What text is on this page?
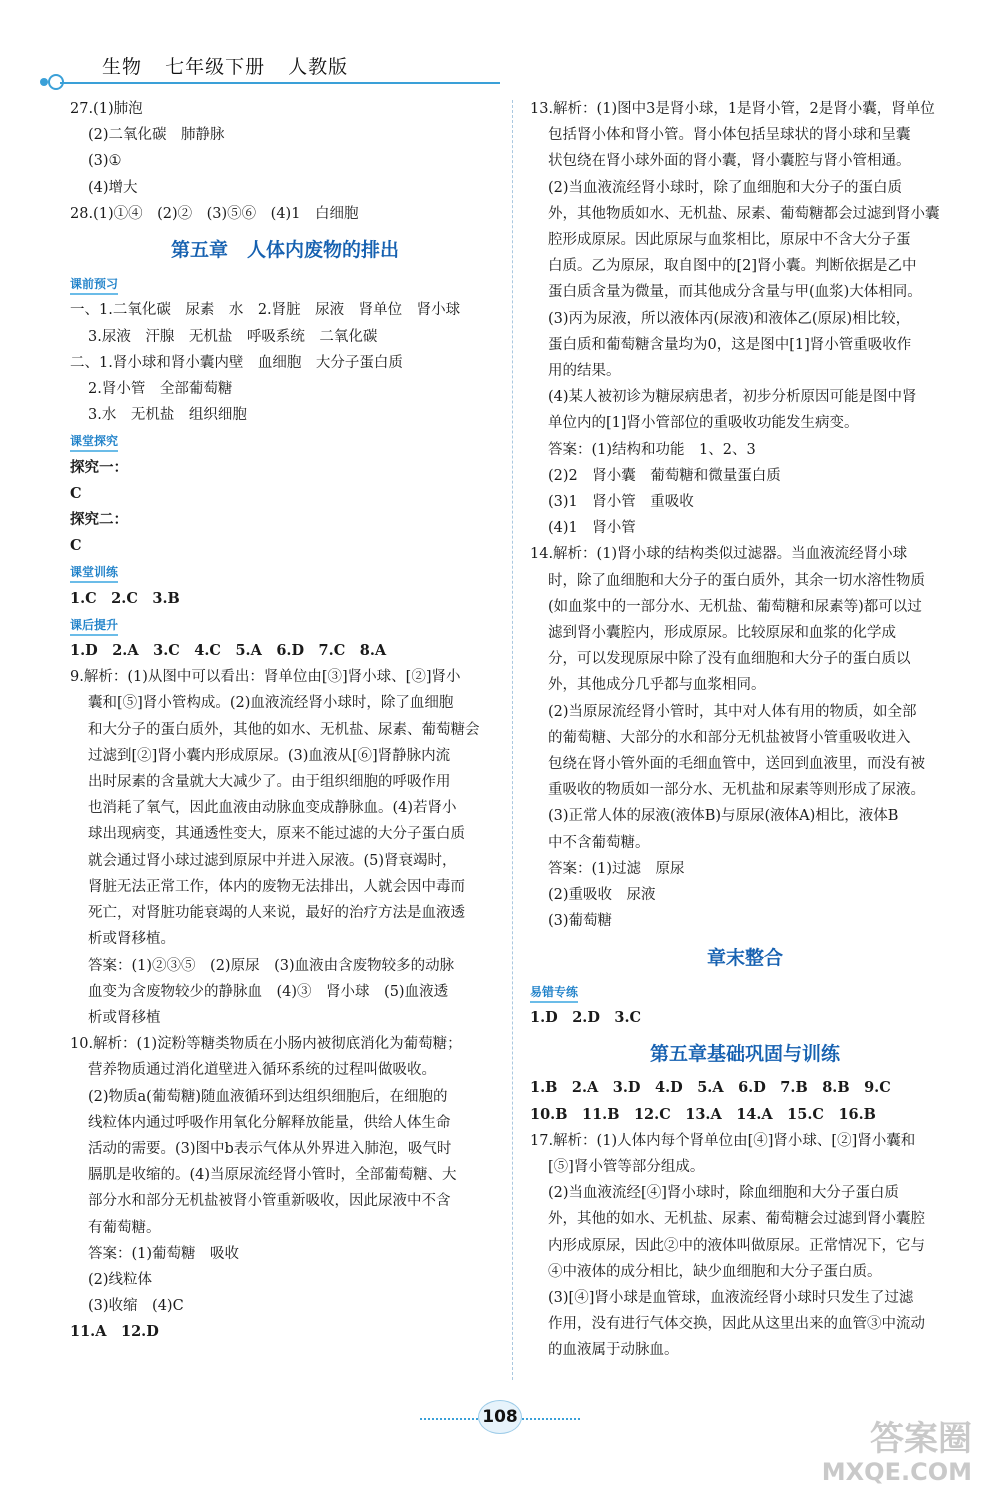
生物 七年级下册 人教版
27.(1)肺泡
(2)二氧化碳　肺静脉
(3)①
(4)增大
28.(1)①④　(2)②　(3)⑤⑥　(4)1　白细胞
第五章　人体内废物的排出
课前预习
一、1.二氧化碳　尿素　水　2.肾脏　尿液　肾单位　肾小球
3.尿液　汗腺　无机盐　呼吸系统　二氧化碳
二、1.肾小球和肾小囊内壁　血细胞　大分子蛋白质
2.肾小管　全部葡萄糖
3.水　无机盐　组织细胞
课堂探究
探究一：
C
探究二：
C
课堂训练
1.C　2.C　3.B
课后提升
1.D　2.A　3.C　4.C　5.A　6.D　7.C　8.A
9.解析：(1)从图中可以看出：肾单位由[③]肾小球、[②]肾小
囊和[⑤]肾小管构成。(2)血液流经肾小球时，除了血细胞
和大分子的蛋白质外，其他的如水、无机盐、尿素、葡萄糖会
过滤到[②]肾小囊内形成原尿。(3)血液从[⑥]肾静脉内流
出时尿素的含量就大大减少了。由于组织细胞的呼吸作用
也消耗了氧气，因此血液由动脉血变成静脉血。(4)若肾小
球出现病变，其通透性变大，原来不能过滤的大分子蛋白质
就会通过肾小球过滤到原尿中并进入尿液。(5)肾衰竭时，
肾脏无法正常工作，体内的废物无法排出，人就会因中毒而
死亡，对肾脏功能衰竭的人来说，最好的治疗方法是血液透
析或肾移植。
答案：(1)②③⑤　(2)原尿　(3)血液由含废物较多的动脉
血变为含废物较少的静脉血　(4)③　肾小球　(5)血液透
析或肾移植
10.解析：(1)淀粉等糖类物质在小肠内被彻底消化为葡萄糖；
营养物质通过消化道壁进入循环系统的过程叫做吸收。
(2)物质a(葡萄糖)随血液循环到达组织细胞后，在细胞的
线粒体内通过呼吸作用氧化分解释放能量，供给人体生命
活动的需要。(3)图中b表示气体从外界进入肺泡，吸气时
膈肌是收缩的。(4)当原尿流经肾小管时，全部葡萄糖、大
部分水和部分无机盐被肾小管重新吸收，因此尿液中不含
有葡萄糖。
答案：(1)葡萄糖　吸收
(2)线粒体
(3)收缩　(4)C
11.A　12.D
13.解析：(1)图中3是肾小球，1是肾小管，2是肾小囊，肾单位
包括肾小体和肾小管。肾小体包括呈球状的肾小球和呈囊
状包绕在肾小球外面的肾小囊，肾小囊腔与肾小管相通。
(2)当血液流经肾小球时，除了血细胞和大分子的蛋白质
外，其他物质如水、无机盐、尿素、葡萄糖都会过滤到肾小囊
腔形成原尿。因此原尿与血浆相比，原尿中不含大分子蛋
白质。乙为原尿，取自图中的[2]肾小囊。判断依据是乙中
蛋白质含量为微量，而其他成分含量与甲(血浆)大体相同。
(3)丙为尿液，所以液体丙(尿液)和液体乙(原尿)相比较，
蛋白质和葡萄糖含量均为0，这是图中[1]肾小管重吸收作
用的结果。
(4)某人被初诊为糖尿病患者，初步分析原因可能是图中肾
单位内的[1]肾小管部位的重吸收功能发生病变。
答案：(1)结构和功能　1、2、3
(2)2　肾小囊　葡萄糖和微量蛋白质
(3)1　肾小管　重吸收
(4)1　肾小管
14.解析：(1)肾小球的结构类似过滤器。当血液流经肾小球
时，除了血细胞和大分子的蛋白质外，其余一切水溶性物质
(如血浆中的一部分水、无机盐、葡萄糖和尿素等)都可以过
滤到肾小囊腔内，形成原尿。比较原尿和血浆的化学成
分，可以发现原尿中除了没有血细胞和大分子的蛋白质以
外，其他成分几乎都与血浆相同。
(2)当原尿流经肾小管时，其中对人体有用的物质，如全部
的葡萄糖、大部分的水和部分无机盐被肾小管重吸收进入
包绕在肾小管外面的毛细血管中，送回到血液里，而没有被
重吸收的物质如一部分水、无机盐和尿素等则形成了尿液。
(3)正常人体的尿液(液体B)与原尿(液体A)相比，液体B
中不含葡萄糖。
答案：(1)过滤　原尿
(2)重吸收　尿液
(3)葡萄糖
章末整合
易错专练
1.D　2.D　3.C
第五章基础巩固与训练
1.B　2.A　3.D　4.D　5.A　6.D　7.B　8.B　9.C
10.B　11.B　12.C　13.A　14.A　15.C　16.B
17.解析：(1)人体内每个肾单位由[④]肾小球、[②]肾小囊和
[⑤]肾小管等部分组成。
(2)当血液流经[④]肾小球时，除血细胞和大分子蛋白质
外，其他的如水、无机盐、尿素、葡萄糖会过滤到肾小囊腔
内形成原尿，因此②中的液体叫做原尿。正常情况下，它与
④中液体的成分相比，缺少血细胞和大分子蛋白质。
(3)[④]肾小球是血管球，血液流经肾小球时只发生了过滤
作用，没有进行气体交换，因此从这里出来的血管③中流动
的血液属于动脉血。
108
答案圈
MXQE.COM
